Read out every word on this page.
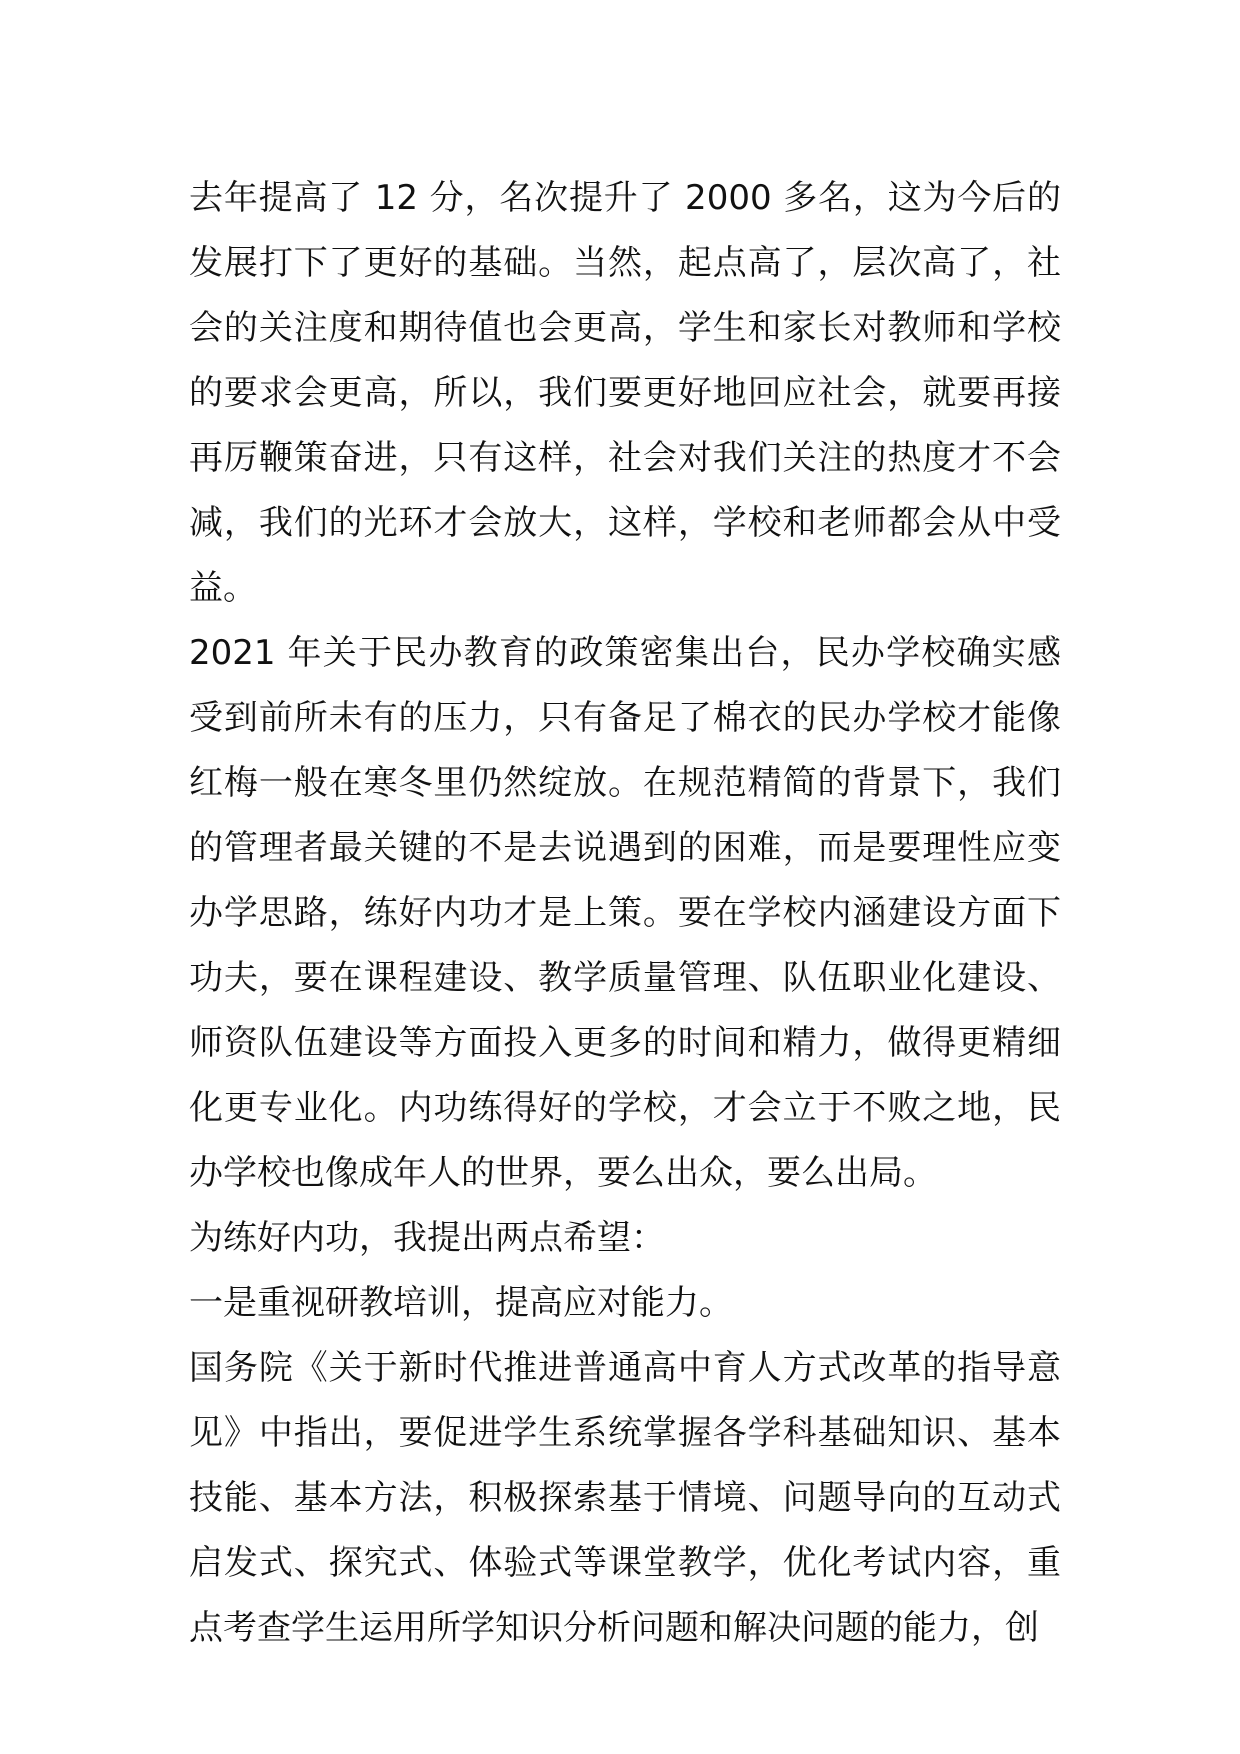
去年提高了 12 分，名次提升了 2000 多名，这为今后的发展打下了更好的基础。当然，起点高了，层次高了，社会的关注度和期待值也会更高，学生和家长对教师和学校的要求会更高，所以，我们要更好地回应社会，就要再接再厉鞭策奋进，只有这样，社会对我们关注的热度才不会减，我们的光环才会放大，这样，学校和老师都会从中受益。

2021 年关于民办教育的政策密集出台，民办学校确实感受到前所未有的压力，只有备足了棉衣的民办学校才能像红梅一般在寒冬里仍然绽放。在规范精简的背景下，我们的管理者最关键的不是去说遇到的困难，而是要理性应变办学思路，练好内功才是上策。要在学校内涵建设方面下功夫，要在课程建设、教学质量管理、队伍职业化建设、师资队伍建设等方面投入更多的时间和精力，做得更精细化更专业化。内功练得好的学校，才会立于不败之地，民办学校也像成年人的世界，要么出众，要么出局。

为练好内功，我提出两点希望：

一是重视研教培训，提高应对能力。

国务院《关于新时代推进普通高中育人方式改革的指导意见》中指出，要促进学生系统掌握各学科基础知识、基本技能、基本方法，积极探索基于情境、问题导向的互动式启发式、探究式、体验式等课堂教学，优化考试内容，重点考查学生运用所学知识分析问题和解决问题的能力，创
